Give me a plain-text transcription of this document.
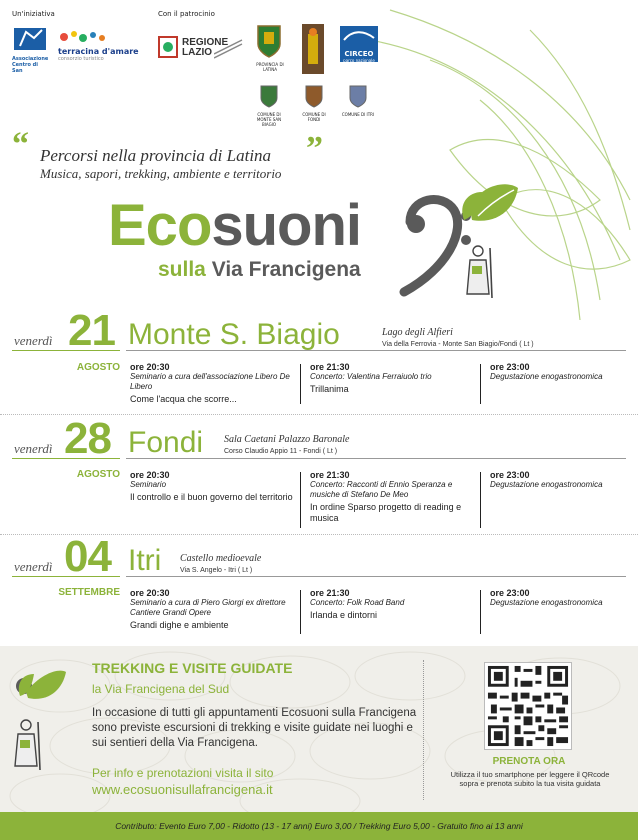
Un'iniziativa	Con il patrocinio
Associazione Centro di San
terracina d'amare
consorzio turistico
REGIONE LAZIO
PROVINCIA DI LATINA
CIRCEO
parco nazionale
COMUNE DI MONTE SAN BIAGIO
COMUNE DI FONDI
COMUNE DI ITRI
“ Percorsi nella provincia di Latina ”
Musica, sapori, trekking, ambiente e territorio
Ecosuoni
sulla Via Francigena
venerdì 21 Monte S. Biagio	Lago degli Alfieri
Via della Ferrovia - Monte San Biagio/Fondi ( Lt )
AGOSTO ore 20:30
Seminario a cura dell'associazione Libero De Libero
Come l'acqua che scorre...
ore 21:30
Concerto: Valentina Ferraiuolo trio
Trillanima
ore 23:00
Degustazione enogastronomica
venerdì 28 Fondi Sala Caetani Palazzo Baronale
Corso Claudio Appio 11 - Fondi ( Lt )
AGOSTO ore 20:30
Seminario
Il controllo e il buon governo del territorio
ore 21:30
Concerto: Racconti di Ennio Speranza e musiche di Stefano De Meo
In ordine Sparso progetto di reading e musica
ore 23:00
Degustazione enogastronomica
venerdì 04 Itri Castello medioevale
Via S. Angelo - Itri ( Lt )
SETTEMBRE ore 20:30
Seminario a cura di Piero Giorgi ex direttore Cantiere Grandi Opere
Grandi dighe e ambiente
ore 21:30
Concerto: Folk Road Band
Irlanda e dintorni
ore 23:00
Degustazione enogastronomica
TREKKING E VISITE GUIDATE
la Via Francigena del Sud
In occasione di tutti gli appuntamenti Ecosuoni sulla Francigena sono previste escursioni di trekking e visite guidate nei luoghi e sui sentieri della Via Francigena.
Per info e prenotazioni visita il sito
www.ecosuonisullafrancigena.it
PRENOTA ORA
Utilizza il tuo smartphone per leggere il QRcode sopra e prenota subito la tua visita guidata
Contributo: Evento Euro 7,00 - Ridotto (13 - 17 anni) Euro 3,00 / Trekking Euro 5,00 - Gratuito fino ai 13 anni
